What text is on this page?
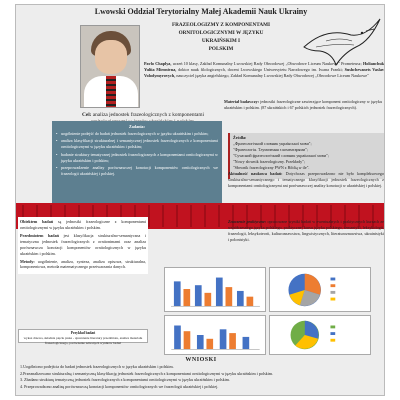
Lwowski Oddział Terytorialny Małej Akademii Nauk Ukrainy
FRAZEOLOGIZMY Z KOMPONENTAMI
ORNITOLOGICZNYMI W JĘZYKU UKRAIŃSKIM I
POLSKIM
Pavlo Chaplya, uczeń 10 klasy, Zakład Komunalny Lwowskiej Rady Obwodowej „Obwodowe Liceum Naukowe" Prometeusz; Holianchuk Yuliia Mironivna, doktor nauk filologicznych, docent Lwowskiego Uniwersytetu Narodowego im. Iwana Franki; Sushchevanets Vaslav Volodymyrovych, nauczyciel języka angielskiego, Zakład Komunalny Lwowskiej Rady Obwodowej „Obwodowe Liceum Naukowe"
Cel: analiza jednostek frazeologicznych z komponentami
Materiał badawczy: jednostki frazeologiczne zawierające komponent ornitologiczny w języku ukraińskim i polskim. (87 ukraińskich i 67 polskich jednostek frazeologicznych).
Zadania:
• uogólnienie podejść do badań jednostek frazeologicznych w języku ukraińskim i polskim;
• analiza klasyfikacji strukturalnej i semantycznej jednostek frazeologicznych z komponentami ornitologicznymi w języku ukraińskim i polskim;
• badanie struktury tematycznej jednostek frazeologicznych z komponentami ornitologicznymi w języku ukraińskim i polskim;
• przeprowadzenie analizy porównawczej konotacji komponentów ornitologicznych we frazeologii ukraińskiej i polskiej.
Źródła:
„Фразеологічний словник української мови";
"Фразеологія. Тлумачення з коментарями";
"Сучасний фразеологічний словник української мови";
"Nowy słownik frazeologiczny. Przekłady";
"Słownik frazeologiczny PWN z Biblią w tle".
Aktualność naukowa badań: Dotychczas przeprowadzono nie było kompleksowego strukturalno-semantycznego i tematycznego klasyfikacji jednostek frazeologicznych z komponentami ornitologicznymi ani porównawczej analizy konotacji w ukraińskiej i polskiej.

Obiektem badań są jednostki frazeologiczne z komponentami ornitologicznymi w języku ukraińskim i polskim.

Przedmiotem badań jest klasyfikacja strukturalno-semantyczna i tematyczna jednostek frazeologicznych z ornitonimami oraz analiza porównawcza konotacji komponentów ornitologicznych w języku ukraińskim i polskim.

Metody: uogólnienie, analiza, synteza, analiza opisowa, strukturalna, komponentowa, metoda matematycznego przetwarzania danych.

Znaczenie praktyczne: opracowane wyniki badań w ewentualnych i praktycznych kursach ze współczesnego języka polskiego, praktycznej kursu języka polskiego, semantyki, leksykologii, frazeologii, leksykoteorii, kulturoznawstwa, lingwistycznych, literaturoznawstwa, ukrainistyki i polonistyki.
Przykład badań
wykaz drzewa, składnia pięciu ptaka - ujawnienie literatury przedmiotu, analiza materiału frazeologicznego, porównanie zebranych wyników badań
WNIOSKI
1.Uogólniono podejścia do badań jednostek frazeologicznych w języku ukraińskim i polskim.
2.Przeanalizowano strukturalną i semantyczną klasyfikację jednostek frazeologicznych z komponentami ornitologicznymi w języku ukraińskim i polskim.
3. Zbadano strukturę tematyczną jednostek frazeologicznych z komponentami ornitologicznymi w języku ukraińskim i polskim.
4. Przeprowadzono analizę porównawczą konotacji komponentów ornitologicznych we frazeologii ukraińskiej i polskiej.
